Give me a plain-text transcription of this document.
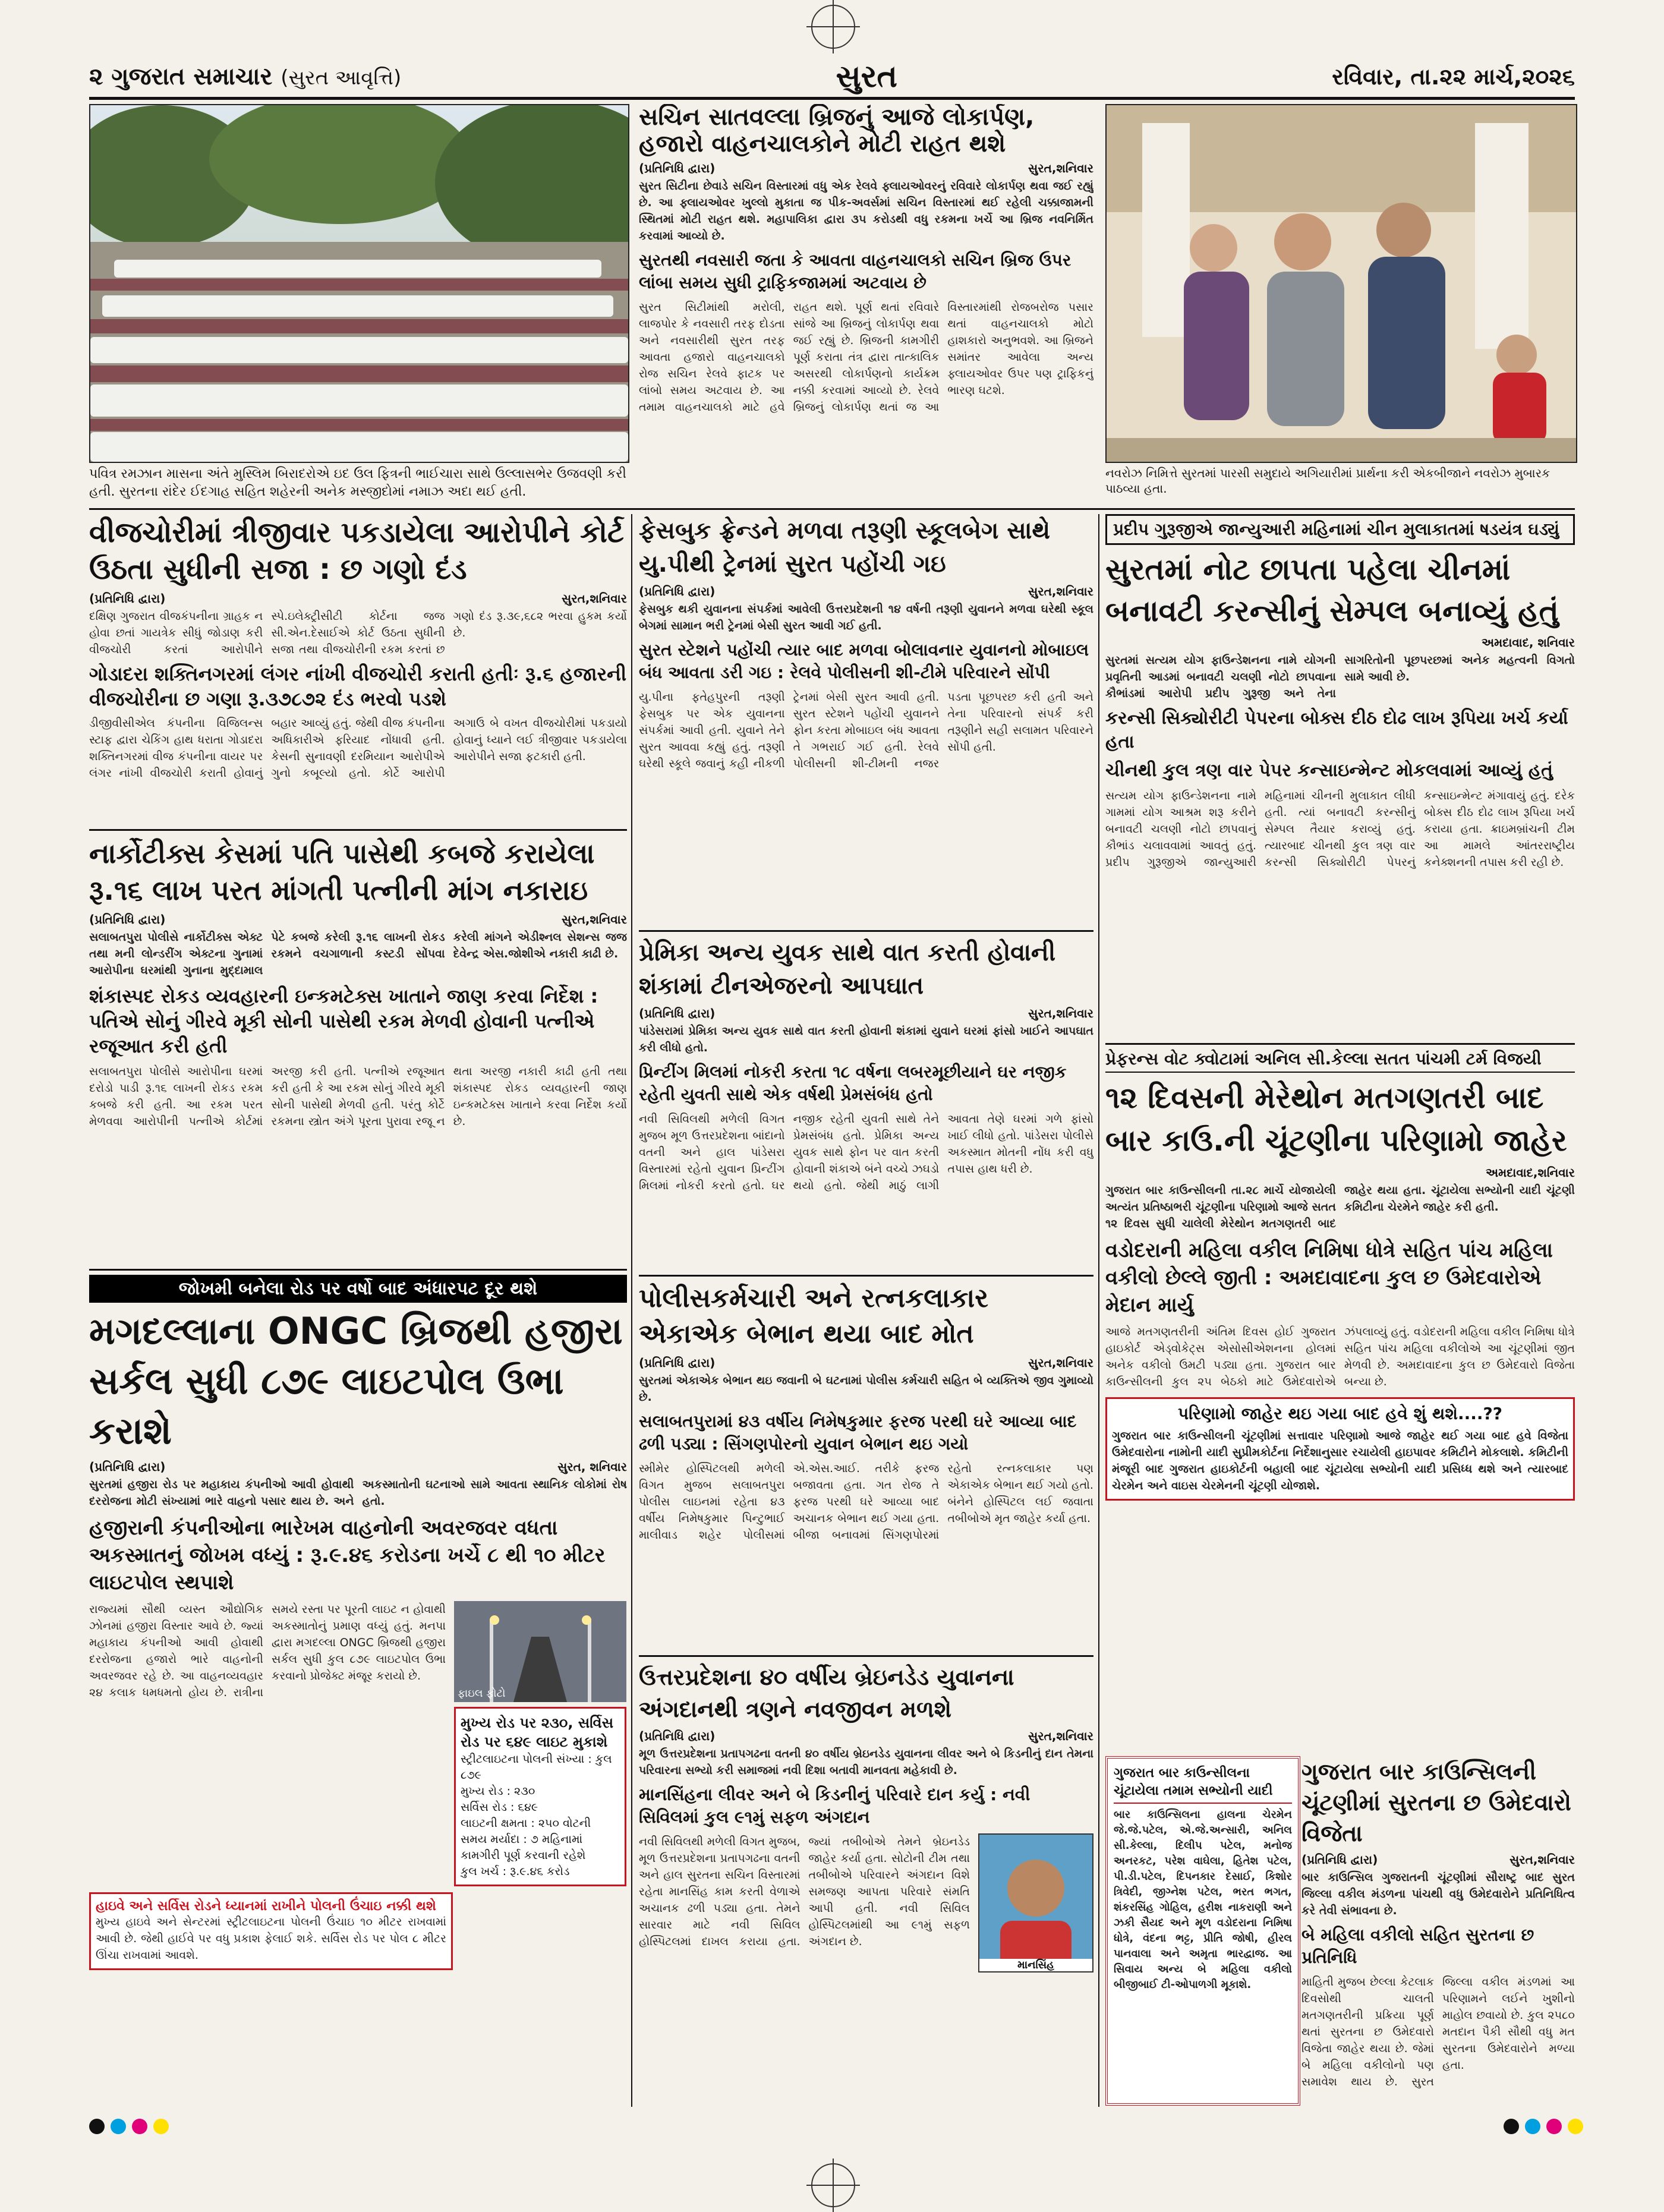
૨ ગુજરાત સમાચાર (સુરત આવૃત્તિ)	સુરત	રવિવાર, તા.૨૨ માર્ચ,૨૦૨૬
પવિત્ર રમઝાન માસના અંતે મુસ્લિમ બિરાદરોએ ઇદ ઉલ ફિત્રની ભાઈચારા સાથે ઉલ્લાસભેર ઉજવણી કરી હતી. સુરતના રાંદેર ઈદગાહ સહિત શહેરની અનેક મસ્જીદોમાં નમાઝ અદા થઈ હતી.
સચિન સાતવલ્લા બ્રિજનું આજે લોકાર્પણ, હજારો વાહનચાલકોને મોટી રાહત થશે
(પ્રતિનિધિ દ્વારા)	સુરત,શનિવાર
સુરત સિટીના છેવાડે સચિન વિસ્તારમાં વધુ એક રેલવે ફ્લાયઓવરનું રવિવારે લોકાર્પણ થવા જઈ રહ્યું છે. આ ફ્લાયઓવર ખુલ્લો મુકાતા જ પીક-અવર્સમાં સચિન વિસ્તારમાં થઈ રહેલી ચક્કાજામની સ્થિતમાં મોટી રાહત થશે. મહાપાલિકા દ્વારા ૩૫ કરોડથી વધુ રકમના ખર્ચે આ બ્રિજ નવનિર્મિત કરવામાં આવ્યો છે.
સુરતથી નવસારી જતા કે આવતા વાહનચાલકો સચિન બ્રિજ ઉપર લાંબા સમય સુધી ટ્રાફિકજામમાં અટવાય છે
સુરત સિટીમાંથી મરોલી, લાજપોર કે નવસારી તરફ દોડતા અને નવસારીથી સુરત તરફ આવતા હજારો વાહનચાલકો રોજ સચિન રેલવે ફાટક પર લાંબો સમય અટવાય છે. આ તમામ વાહનચાલકો માટે હવે રાહત થશે. પૂર્ણ થતાં રવિવારે સાંજે આ બ્રિજનું લોકાર્પણ થવા જઈ રહ્યું છે. બ્રિજની કામગીરી પૂર્ણ કરાતા તંત્ર દ્વારા તાત્કાલિક અસરથી લોકાર્પણનો કાર્યક્રમ નક્કી કરવામાં આવ્યો છે. રેલવે બ્રિજનું લોકાર્પણ થતાં જ આ વિસ્તારમાંથી રોજબરોજ પસાર થતાં વાહનચાલકો મોટો હાશકારો અનુભવશે. આ બ્રિજને સમાંતર આવેલા અન્ય ફ્લાયઓવર ઉપર પણ ટ્રાફિકનું ભારણ ઘટશે.
નવરોઝ નિમિત્તે સુરતમાં પારસી સમુદાયે અગિયારીમાં પ્રાર્થના કરી એકબીજાને નવરોઝ મુબારક પાઠવ્યા હતા.
વીજચોરીમાં ત્રીજીવાર પકડાયેલા આરોપીને કોર્ટ ઉઠતા સુધીની સજા : છ ગણો દંડ
(પ્રતિનિધિ દ્વારા)	સુરત,શનિવાર
દક્ષિણ ગુજરાત વીજકંપનીના ગ્રાહક ન હોવા છતાં ગાયત્રેક સીધું જોડાણ કરી વીજચોરી કરતાં આરોપીને સ્પે.ઇલેક્ટ્રીસીટી કોર્ટના જજ સી.એન.દેસાઈએ કોર્ટ ઉઠતા સુધીની સજા તથા વીજચોરીની રકમ કરતાં છ ગણો દંડ રૂ.૩૯,૬૮૨ ભરવા હુકમ કર્યો છે.
ગોડાદરા શક્તિનગરમાં લંગર નાંખી વીજચોરી કરાતી હતીઃ રૂ.૬ હજારની વીજચોરીના છ ગણા રૂ.૩૭૮૭૨ દંડ ભરવો પડશે
ડીજીવીસીએલ કંપનીના વિજિલન્સ સ્ટાફ દ્વારા ચેકિંગ હાથ ધરાતા ગોડાદરા શક્તિનગરમાં વીજ કંપનીના વાયર પર લંગર નાંખી વીજચોરી કરાતી હોવાનું બહાર આવ્યું હતું. જેથી વીજ કંપનીના અધિકારીએ ફરિયાદ નોંધાવી હતી. કેસની સુનાવણી દરમિયાન આરોપીએ ગુનો કબૂલ્યો હતો. કોર્ટે આરોપી અગાઉ બે વખત વીજચોરીમાં પકડાયો હોવાનું ધ્યાને લઈ ત્રીજીવાર પકડાયેલા આરોપીને સજા ફટકારી હતી.
નાર્કોટીક્સ કેસમાં પતિ પાસેથી કબજે કરાયેલા રૂ.૧૬ લાખ પરત માંગતી પત્નીની માંગ નકારાઇ
(પ્રતિનિધિ દ્વારા)	સુરત,શનિવાર
સલાબતપુરા પોલીસે નાર્કોટીક્સ એક્ટ તથા મની લોન્ડરીંગ એક્ટના ગુનામાં આરોપીના ઘરમાંથી ગુનાના મુદ્દામાલ પેટે કબજે કરેલી રૂ.૧૬ લાખની રોકડ રકમને વચગાળાની કસ્ટડી સોંપવા કરેલી માંગને એડીશ્નલ સેશન્સ જજ દેવેન્દ્ર એસ.જોશીએ નકારી કાઢી છે.
શંકાસ્પદ રોકડ વ્યવહારની ઇન્કમટેક્સ ખાતાને જાણ કરવા નિર્દેશ : પતિએ સોનું ગીરવે મૂકી સોની પાસેથી રકમ મેળવી હોવાની પત્નીએ રજૂઆત કરી હતી
સલાબતપુરા પોલીસે આરોપીના ઘરમાં દરોડો પાડી રૂ.૧૬ લાખની રોકડ રકમ કબજે કરી હતી. આ રકમ પરત મેળવવા આરોપીની પત્નીએ કોર્ટમાં અરજી કરી હતી. પત્નીએ રજૂઆત કરી હતી કે આ રકમ સોનું ગીરવે મૂકી સોની પાસેથી મેળવી હતી. પરંતુ કોર્ટે રકમના સ્ત્રોત અંગે પૂરતા પુરાવા રજૂ ન થતા અરજી નકારી કાઢી હતી તથા શંકાસ્પદ રોકડ વ્યવહારની જાણ ઇન્કમટેક્સ ખાતાને કરવા નિર્દેશ કર્યો છે.
જોખમી બનેલા રોડ પર વર્ષો બાદ અંધારપટ દૂર થશે
મગદલ્લાના ONGC બ્રિજથી હજીરા સર્કલ સુધી ૮૭૯ લાઇટપોલ ઉભા કરાશે
(પ્રતિનિધિ દ્વારા)	સુરત, શનિવાર
સુરતમાં હજીરા રોડ પર મહાકાય કંપનીઓ આવી હોવાથી દરરોજના મોટી સંખ્યામાં ભારે વાહનો પસાર થાય છે. અને અકસ્માતોની ઘટનાઓ સામે આવતા સ્થાનિક લોકોમાં રોષ હતો.
હજીરાની કંપનીઓના ભારેખમ વાહનોની અવરજવર વધતા અકસ્માતનું જોખમ વધ્યું : રૂ.૯.૪૬ કરોડના ખર્ચે ૮ થી ૧૦ મીટર લાઇટપોલ સ્થપાશે
રાજ્યમાં સૌથી વ્યસ્ત ઔદ્યોગિક ઝોનમાં હજીરા વિસ્તાર આવે છે. જ્યાં મહાકાય કંપનીઓ આવી હોવાથી દરરોજના હજારો ભારે વાહનોની અવરજવર રહે છે. આ વાહનવ્યવહાર ૨૪ કલાક ધમધમતો હોય છે. રાત્રીના સમયે રસ્તા પર પૂરતી લાઇટ ન હોવાથી અકસ્માતોનું પ્રમાણ વધ્યું હતું. મનપા દ્વારા મગદલ્લા ONGC બ્રિજથી હજીરા સર્કલ સુધી કુલ ૮૭૯ લાઇટપોલ ઉભા કરવાનો પ્રોજેક્ટ મંજૂર કરાયો છે.
ફાઇલ ફોટો
મુખ્ય રોડ પર ૨૩૦, સર્વિસ રોડ પર ૬૪૯ લાઇટ મુકાશે
સ્ટ્રીટલાઇટના પોલની સંખ્યા : કુલ ૮૭૯
મુખ્ય રોડ : ૨૩૦
સર્વિસ રોડ : ૬૪૯
લાઇટની ક્ષમતા : ૨૫૦ વોટની
સમય મર્યાદા : ૭ મહિનામાં કામગીરી પૂર્ણ કરવાની રહેશે
કુલ ખર્ચ : રૂ.૯.૪૬ કરોડ
હાઇવે અને સર્વિસ રોડને ધ્યાનમાં રાખીને પોલની ઉંચાઇ નક્કી થશે
મુખ્ય હાઇવે અને સેન્ટરમાં સ્ટ્રીટલાઇટના પોલની ઉંચાઇ ૧૦ મીટર રાખવામાં આવી છે. જેથી હાઈવે પર વધુ પ્રકાશ ફેલાઈ શકે. સર્વિસ રોડ પર પોલ ૮ મીટર ઊંચા રાખવામાં આવશે.
ફેસબુક ફ્રેન્ડને મળવા તરૂણી સ્કૂલબેગ સાથે યુ.પીથી ટ્રેનમાં સુરત પહોંચી ગઇ
(પ્રતિનિધિ દ્વારા)	સુરત,શનિવાર
ફેસબુક થકી યુવાનના સંપર્કમાં આવેલી ઉત્તરપ્રદેશની ૧૪ વર્ષની તરૂણી યુવાનને મળવા ઘરેથી સ્કૂલ બેગમાં સામાન ભરી ટ્રેનમાં બેસી સુરત આવી ગઈ હતી.
સુરત સ્ટેશને પહોંચી ત્યાર બાદ મળવા બોલાવનાર યુવાનનો મોબાઇલ બંધ આવતા ડરી ગઇ : રેલવે પોલીસની શી-ટીમે પરિવારને સોંપી
યુ.પીના ફતેહપુરની તરૂણી ફેસબુક પર એક યુવાનના સંપર્કમાં આવી હતી. યુવાને તેને સુરત આવવા કહ્યું હતું. તરૂણી ઘરેથી સ્કૂલે જવાનું કહી નીકળી ટ્રેનમાં બેસી સુરત આવી હતી. સુરત સ્ટેશને પહોંચી યુવાનને ફોન કરતા મોબાઇલ બંધ આવતા તે ગભરાઈ ગઈ હતી. રેલવે પોલીસની શી-ટીમની નજર પડતા પૂછપરછ કરી હતી અને તેના પરિવારનો સંપર્ક કરી તરૂણીને સહી સલામત પરિવારને સોંપી હતી.
પ્રેમિકા અન્ય યુવક સાથે વાત કરતી હોવાની શંકામાં ટીનએજરનો આપઘાત
(પ્રતિનિધિ દ્વારા)	સુરત,શનિવાર
પાંડેસરામાં પ્રેમિકા અન્ય યુવક સાથે વાત કરતી હોવાની શંકામાં યુવાને ઘરમાં ફાંસો ખાઈને આપઘાત કરી લીધો હતો.
પ્રિન્ટીંગ મિલમાં નોકરી કરતા ૧૮ વર્ષના લબરમૂછીયાને ઘર નજીક રહેતી યુવતી સાથે એક વર્ષથી પ્રેમસંબંધ હતો
નવી સિવિલથી મળેલી વિગત મુજબ મૂળ ઉત્તરપ્રદેશના બાંદાનો વતની અને હાલ પાંડેસરા વિસ્તારમાં રહેતો યુવાન પ્રિન્ટીંગ મિલમાં નોકરી કરતો હતો. ઘર નજીક રહેતી યુવતી સાથે તેને પ્રેમસંબંધ હતો. પ્રેમિકા અન્ય યુવક સાથે ફોન પર વાત કરતી હોવાની શંકાએ બંને વચ્ચે ઝઘડો થયો હતો. જેથી માઠું લાગી આવતા તેણે ઘરમાં ગળે ફાંસો ખાઈ લીધો હતો. પાંડેસરા પોલીસે અકસ્માત મોતની નોંધ કરી વધુ તપાસ હાથ ધરી છે.
પોલીસકર્મચારી અને રત્નકલાકાર એકાએક બેભાન થયા બાદ મોત
(પ્રતિનિધિ દ્વારા)	સુરત,શનિવાર
સુરતમાં એકાએક બેભાન થઇ જવાની બે ઘટનામાં પોલીસ કર્મચારી સહિત બે વ્યક્તિએ જીવ ગુમાવ્યો છે.
સલાબતપુરામાં ૪૩ વર્ષીય નિમેષકુમાર ફરજ પરથી ઘરે આવ્યા બાદ ઢળી પડ્યા : સિંગણપોરનો યુવાન બેભાન થઇ ગયો
સ્મીમેર હોસ્પિટલથી મળેલી વિગત મુજબ સલાબતપુરા પોલીસ લાઇનમાં રહેતા ૪૩ વર્ષીય નિમેષકુમાર પિન્ટુભાઈ માલીવાડ શહેર પોલીસમાં એ.એસ.આઈ. તરીકે ફરજ બજાવતા હતા. ગત રોજ તે ફરજ પરથી ઘરે આવ્યા બાદ અચાનક બેભાન થઈ ગયા હતા. બીજા બનાવમાં સિંગણપોરમાં રહેતો રત્નકલાકાર પણ એકાએક બેભાન થઈ ગયો હતો. બંનેને હોસ્પિટલ લઈ જવાતા તબીબોએ મૃત જાહેર કર્યા હતા.
ઉત્તરપ્રદેશના ૪૦ વર્ષીય બ્રેઇનડેડ યુવાનના અંગદાનથી ત્રણને નવજીવન મળશે
(પ્રતિનિધિ દ્વારા)	સુરત,શનિવાર
મૂળ ઉત્તરપ્રદેશના પ્રતાપગઢના વતની ૪૦ વર્ષીય બ્રેઇનડેડ યુવાનના લીવર અને બે કિડનીનું દાન તેમના પરિવારના સભ્યો કરી સમાજમાં નવી દિશા બતાવી માનવતા મહેકાવી છે.
માનસિંહના લીવર અને બે કિડનીનું પરિવારે દાન કર્યુ : નવી સિવિલમાં કુલ ૯૧મું સફળ અંગદાન
નવી સિવિલથી મળેલી વિગત મુજબ, મૂળ ઉત્તરપ્રદેશના પ્રતાપગઢના વતની અને હાલ સુરતના સચિન વિસ્તારમાં રહેતા માનસિંહ કામ કરતી વેળાએ અચાનક ઢળી પડ્યા હતા. તેમને સારવાર માટે નવી સિવિલ હોસ્પિટલમાં દાખલ કરાયા હતા. જ્યાં તબીબોએ તેમને બ્રેઇનડેડ જાહેર કર્યા હતા. સોટોની ટીમ તથા તબીબોએ પરિવારને અંગદાન વિશે સમજણ આપતા પરિવારે સંમતિ આપી હતી. નવી સિવિલ હોસ્પિટલમાંથી આ ૯૧મું સફળ અંગદાન છે.
માનસિંહ
પ્રદીપ ગુરૂજીએ જાન્યુઆરી મહિનામાં ચીન મુલાકાતમાં ષડયંત્ર ઘડ્યું
સુરતમાં નોટ છાપતા પહેલા ચીનમાં બનાવટી કરન્સીનું સેમ્પલ બનાવ્યું હતું
અમદાવાદ, શનિવાર
સુરતમાં સત્યમ યોગ ફાઉન્ડેશનના નામે યોગની પ્રવૃતિની આડમાં બનાવટી ચલણી નોટો છાપવાના કૌભાંડમાં આરોપી પ્રદીપ ગુરૂજી અને તેના સાગરિતોની પૂછપરછમાં અનેક મહત્વની વિગતો સામે આવી છે.
કરન્સી સિક્યોરીટી પેપરના બોક્સ દીઠ દોઢ લાખ રૂપિયા ખર્ચ કર્યા હતા
ચીનથી કુલ ત્રણ વાર પેપર કન્સાઇન્મેન્ટ મોકલવામાં આવ્યું હતું
સત્યમ યોગ ફાઉન્ડેશનના નામે ગામમાં યોગ આશ્રમ શરૂ કરીને બનાવટી ચલણી નોટો છાપવાનું કૌભાંડ ચલાવવામાં આવતું હતું. પ્રદીપ ગુરૂજીએ જાન્યુઆરી મહિનામાં ચીનની મુલાકાત લીધી હતી. ત્યાં બનાવટી કરન્સીનું સેમ્પલ તૈયાર કરાવ્યું હતું. ત્યારબાદ ચીનથી કુલ ત્રણ વાર કરન્સી સિક્યોરીટી પેપરનું કન્સાઇન્મેન્ટ મંગાવાયું હતું. દરેક બોક્સ દીઠ દોઢ લાખ રૂપિયા ખર્ચ કરાયા હતા. ક્રાઇમબ્રાંચની ટીમ આ મામલે આંતરરાષ્ટ્રીય કનેક્શનની તપાસ કરી રહી છે.
પ્રેફરન્સ વોટ ક્વોટામાં અનિલ સી.કેલ્લા સતત પાંચમી ટર્મ વિજયી
૧૨ દિવસની મેરેથોન મતગણતરી બાદ બાર કાઉ.ની ચૂંટણીના પરિણામો જાહેર
અમદાવાદ,શનિવાર
ગુજરાત બાર કાઉન્સીલની તા.૨૮ માર્ચે યોજાયેલી અત્યંત પ્રતિષ્ઠાભરી ચૂંટણીના પરિણામો આજે સતત ૧૨ દિવસ સુધી ચાલેલી મેરેથોન મતગણતરી બાદ જાહેર થયા હતા. ચૂંટાયેલા સભ્યોની યાદી ચૂંટણી કમિટીના ચેરમેને જાહેર કરી હતી.
વડોદરાની મહિલા વકીલ નિમિષા ધોત્રે સહિત પાંચ મહિલા વકીલો છેલ્લે જીતી : અમદાવાદના કુલ છ ઉમેદવારોએ મેદાન માર્યુ
આજે મતગણતરીની અંતિમ દિવસ હોઈ ગુજરાત હાઇકોર્ટ એડ્વોકેટ્સ એસોસીએશનના હોલમાં અનેક વકીલો ઉમટી પડ્યા હતા. ગુજરાત બાર કાઉન્સીલની કુલ ૨૫ બેઠકો માટે ઉમેદવારોએ ઝંપલાવ્યું હતું. વડોદરાની મહિલા વકીલ નિમિષા ધોત્રે સહિત પાંચ મહિલા વકીલોએ આ ચૂંટણીમાં જીત મેળવી છે. અમદાવાદના કુલ છ ઉમેદવારો વિજેતા બન્યા છે.
પરિણામો જાહેર થઇ ગયા બાદ હવે શું થશે....??
ગુજરાત બાર કાઉન્સીલની ચૂંટણીમાં સત્તાવાર પરિણામો આજે જાહેર થઈ ગયા બાદ હવે વિજેતા ઉમેદવારોના નામોની યાદી સુપ્રીમકોર્ટના નિર્દેશાનુસાર રચાયેલી હાઇપાવર કમિટીને મોકલાશે. કમિટીની મંજૂરી બાદ ગુજરાત હાઇકોર્ટની બહાલી બાદ ચૂંટાયેલા સભ્યોની યાદી પ્રસિધ્ધ થશે અને ત્યારબાદ ચેરમેન અને વાઇસ ચેરમેનની ચૂંટણી યોજાશે.
ગુજરાત બાર કાઉન્સીલના ચૂંટાયેલા તમામ સભ્યોની યાદી
બાર કાઉન્સિલના હાલના ચેરમેન જે.જે.પટેલ, એ.જે.અન્સારી, અનિલ સી.કેલ્લા, દિલીપ પટેલ, મનોજ અનરકટ, પરેશ વાઘેલા, હિતેશ પટેલ, પી.ડી.પટેલ, દિપનકાર દેસાઈ, કિશોર ત્રિવેદી, જીગ્નેશ પટેલ, ભરત ભગત, શંકરસિંહ ગોહિલ, હરીશ નાકરાણી અને ઝકી સૈયદ અને મૂળ વડોદરાના નિમિષા ધોત્રે, વંદના ભટ્ટ, પ્રીતિ જોષી, હીરલ પાનવાલા અને અમૃતા ભારદ્વાજ. આ સિવાય અન્ય બે મહિલા વકીલો બીજીબાઈ ટી-ઓપાળગી મૂકાશે.
ગુજરાત બાર કાઉન્સિલની ચૂંટણીમાં સુરતના છ ઉમેદવારો વિજેતા
(પ્રતિનિધિ દ્વારા)	સુરત,શનિવાર
બાર કાઉન્સિલ ગુજરાતની ચૂંટણીમાં સૌરાષ્ટ્ર બાદ સુરત જિલ્લા વકીલ મંડળના પાંચથી વધુ ઉમેદવારોને પ્રતિનિધિત્વ કરે તેવી સંભાવના છે.
બે મહિલા વકીલો સહિત સુરતના છ પ્રતિનિધિ
માહિતી મુજબ છેલ્લા કેટલાક દિવસોથી ચાલતી મતગણતરીની પ્રક્રિયા પૂર્ણ થતાં સુરતના છ ઉમેદવારો વિજેતા જાહેર થયા છે. જેમાં બે મહિલા વકીલોનો પણ સમાવેશ થાય છે. સુરત જિલ્લા વકીલ મંડળમાં આ પરિણામને લઈને ખુશીનો માહોલ છવાયો છે. કુલ ૨૫૮૦ મતદાન પૈકી સૌથી વધુ મત સુરતના ઉમેદવારોને મળ્યા હતા.
